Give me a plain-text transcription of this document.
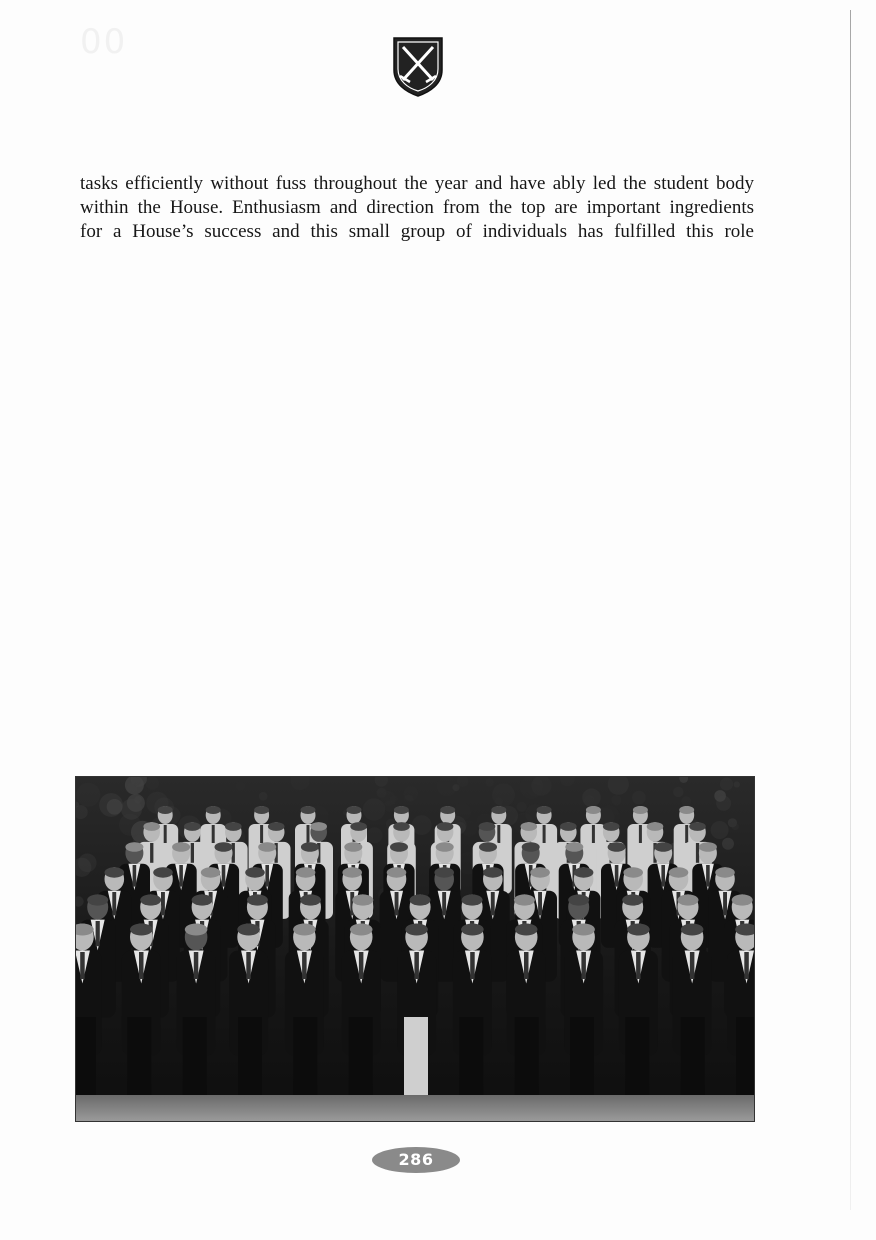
00

tasks efficiently without fuss throughout the year and have ably led the student body

within the House. Enthusiasm and direction from the top are important ingredients

for a House’s success and this small group of individuals has fulfilled this role

286
